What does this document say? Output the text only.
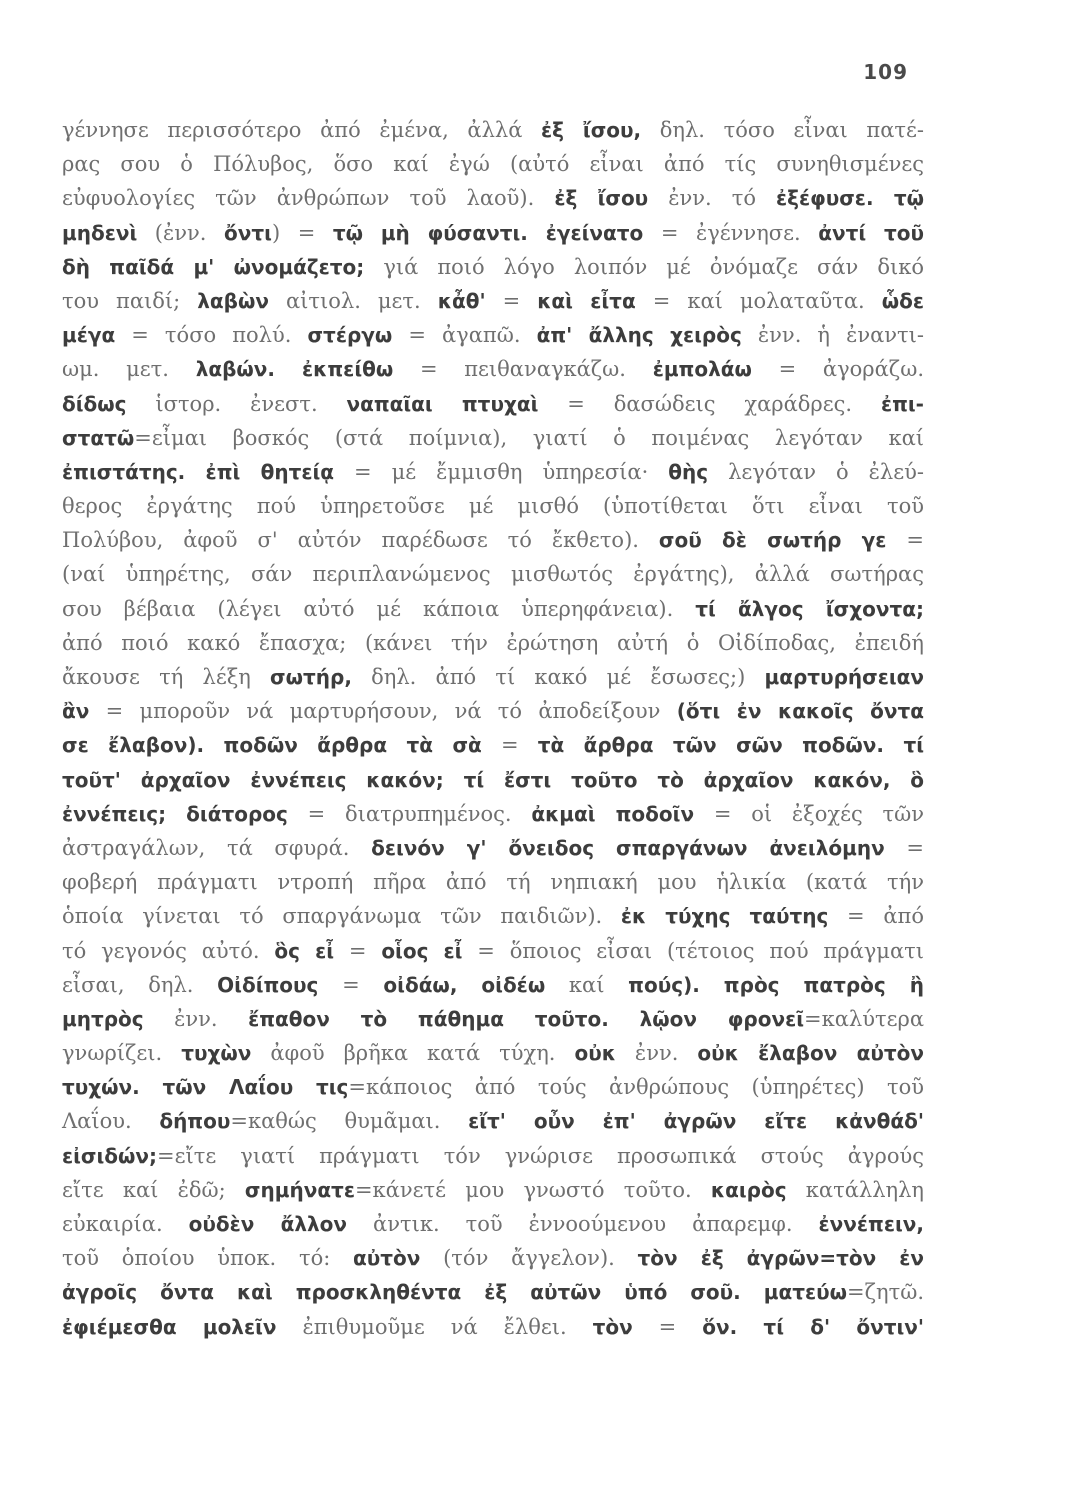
109
γέννησε περισσότερο ἀπό ἐμένα, ἀλλά ἐξ ἴσου, δηλ. τόσο εἶναι πατέ-
ρας σου ὁ Πόλυβος, ὅσο καί ἐγώ (αὐτό εἶναι ἀπό τίς συνηθισμένες
εὐφυολογίες τῶν ἀνθρώπων τοῦ λαοῦ). ἐξ ἴσου ἐνν. τό ἐξέφυσε. τῷ
μηδενὶ (ἐνν. ὄντι) = τῷ μὴ φύσαντι. ἐγείνατο = ἐγέννησε. ἀντί τοῦ
δὴ παῖδά μ' ὠνομάζετο; γιά ποιό λόγο λοιπόν μέ ὀνόμαζε σάν δικό
του παιδί; λαβὼν αἰτιολ. μετ. κἆθ' = καὶ εἶτα = καί μολαταῦτα. ὧδε
μέγα = τόσο πολύ. στέργω = ἀγαπῶ. ἀπ' ἄλλης χειρὸς ἐνν. ἡ ἐναντι-
ωμ. μετ. λαβών. ἐκπείθω = πειθαναγκάζω. ἐμπολάω = ἀγοράζω.
δίδως ἱστορ. ἐνεστ. ναπαῖαι πτυχαὶ = δασώδεις χαράδρες. ἐπι-
στατῶ=εἶμαι βοσκός (στά ποίμνια), γιατί ὁ ποιμένας λεγόταν καί
ἐπιστάτης. ἐπὶ θητείᾳ = μέ ἔμμισθη ὑπηρεσία· θὴς λεγόταν ὁ ἐλεύ-
θερος ἐργάτης πού ὑπηρετοῦσε μέ μισθό (ὑποτίθεται ὅτι εἶναι τοῦ
Πολύβου, ἀφοῦ σ' αὐτόν παρέδωσε τό ἔκθετο). σοῦ δὲ σωτήρ γε =
(ναί ὑπηρέτης, σάν περιπλανώμενος μισθωτός ἐργάτης), ἀλλά σωτήρας
σου βέβαια (λέγει αὐτό μέ κάποια ὑπερηφάνεια). τί ἄλγος ἴσχοντα;
ἀπό ποιό κακό ἔπασχα; (κάνει τήν ἐρώτηση αὐτή ὁ Οἰδίποδας, ἐπειδή
ἄκουσε τή λέξη σωτήρ, δηλ. ἀπό τί κακό μέ ἔσωσες;) μαρτυρήσειαν
ἂν = μποροῦν νά μαρτυρήσουν, νά τό ἀποδείξουν (ὅτι ἐν κακοῖς ὄντα
σε ἔλαβον). ποδῶν ἄρθρα τὰ σὰ = τὰ ἄρθρα τῶν σῶν ποδῶν. τί
τοῦτ' ἀρχαῖον ἐννέπεις κακόν; τί ἔστι τοῦτο τὸ ἀρχαῖον κακόν, ὃ
ἐννέπεις; διάτορος = διατρυπημένος. ἀκμαὶ ποδοῖν = οἱ ἐξοχές τῶν
ἀστραγάλων, τά σφυρά. δεινόν γ' ὄνειδος σπαργάνων ἀνειλόμην =
φοβερή πράγματι ντροπή πῆρα ἀπό τή νηπιακή μου ἡλικία (κατά τήν
ὁποία γίνεται τό σπαργάνωμα τῶν παιδιῶν). ἐκ τύχης ταύτης = ἀπό
τό γεγονός αὐτό. ὃς εἶ = οἷος εἶ = ὅποιος εἶσαι (τέτοιος πού πράγματι
εἶσαι, δηλ. Οἰδίπους = οἰδάω, οἰδέω καί πούς). πρὸς πατρὸς ἢ
μητρὸς ἐνν. ἔπαθον τὸ πάθημα τοῦτο. λῷον φρονεῖ=καλύτερα
γνωρίζει. τυχὼν ἀφοῦ βρῆκα κατά τύχη. οὐκ ἐνν. οὐκ ἔλαβον αὐτὸν
τυχών. τῶν Λαΐου τις=κάποιος ἀπό τούς ἀνθρώπους (ὑπηρέτες) τοῦ
Λαΐου. δήπου=καθώς θυμᾶμαι. εἴτ' οὖν ἐπ' ἀγρῶν εἴτε κἀνθάδ'
εἰσιδών;=εἴτε γιατί πράγματι τόν γνώρισε προσωπικά στούς ἀγρούς
εἴτε καί ἐδῶ; σημήνατε=κάνετέ μου γνωστό τοῦτο. καιρὸς κατάλληλη
εὐκαιρία. οὐδὲν ἄλλον ἀντικ. τοῦ ἐννοούμενου ἀπαρεμφ. ἐννέπειν,
τοῦ ὁποίου ὑποκ. τό: αὐτὸν (τόν ἄγγελον). τὸν ἐξ ἀγρῶν=τὸν ἐν
ἀγροῖς ὄντα καὶ προσκληθέντα ἐξ αὐτῶν ὑπό σοῦ. ματεύω=ζητῶ.
ἐφιέμεσθα μολεῖν ἐπιθυμοῦμε νά ἔλθει. τὸν = ὅν. τί δ' ὄντιν'
